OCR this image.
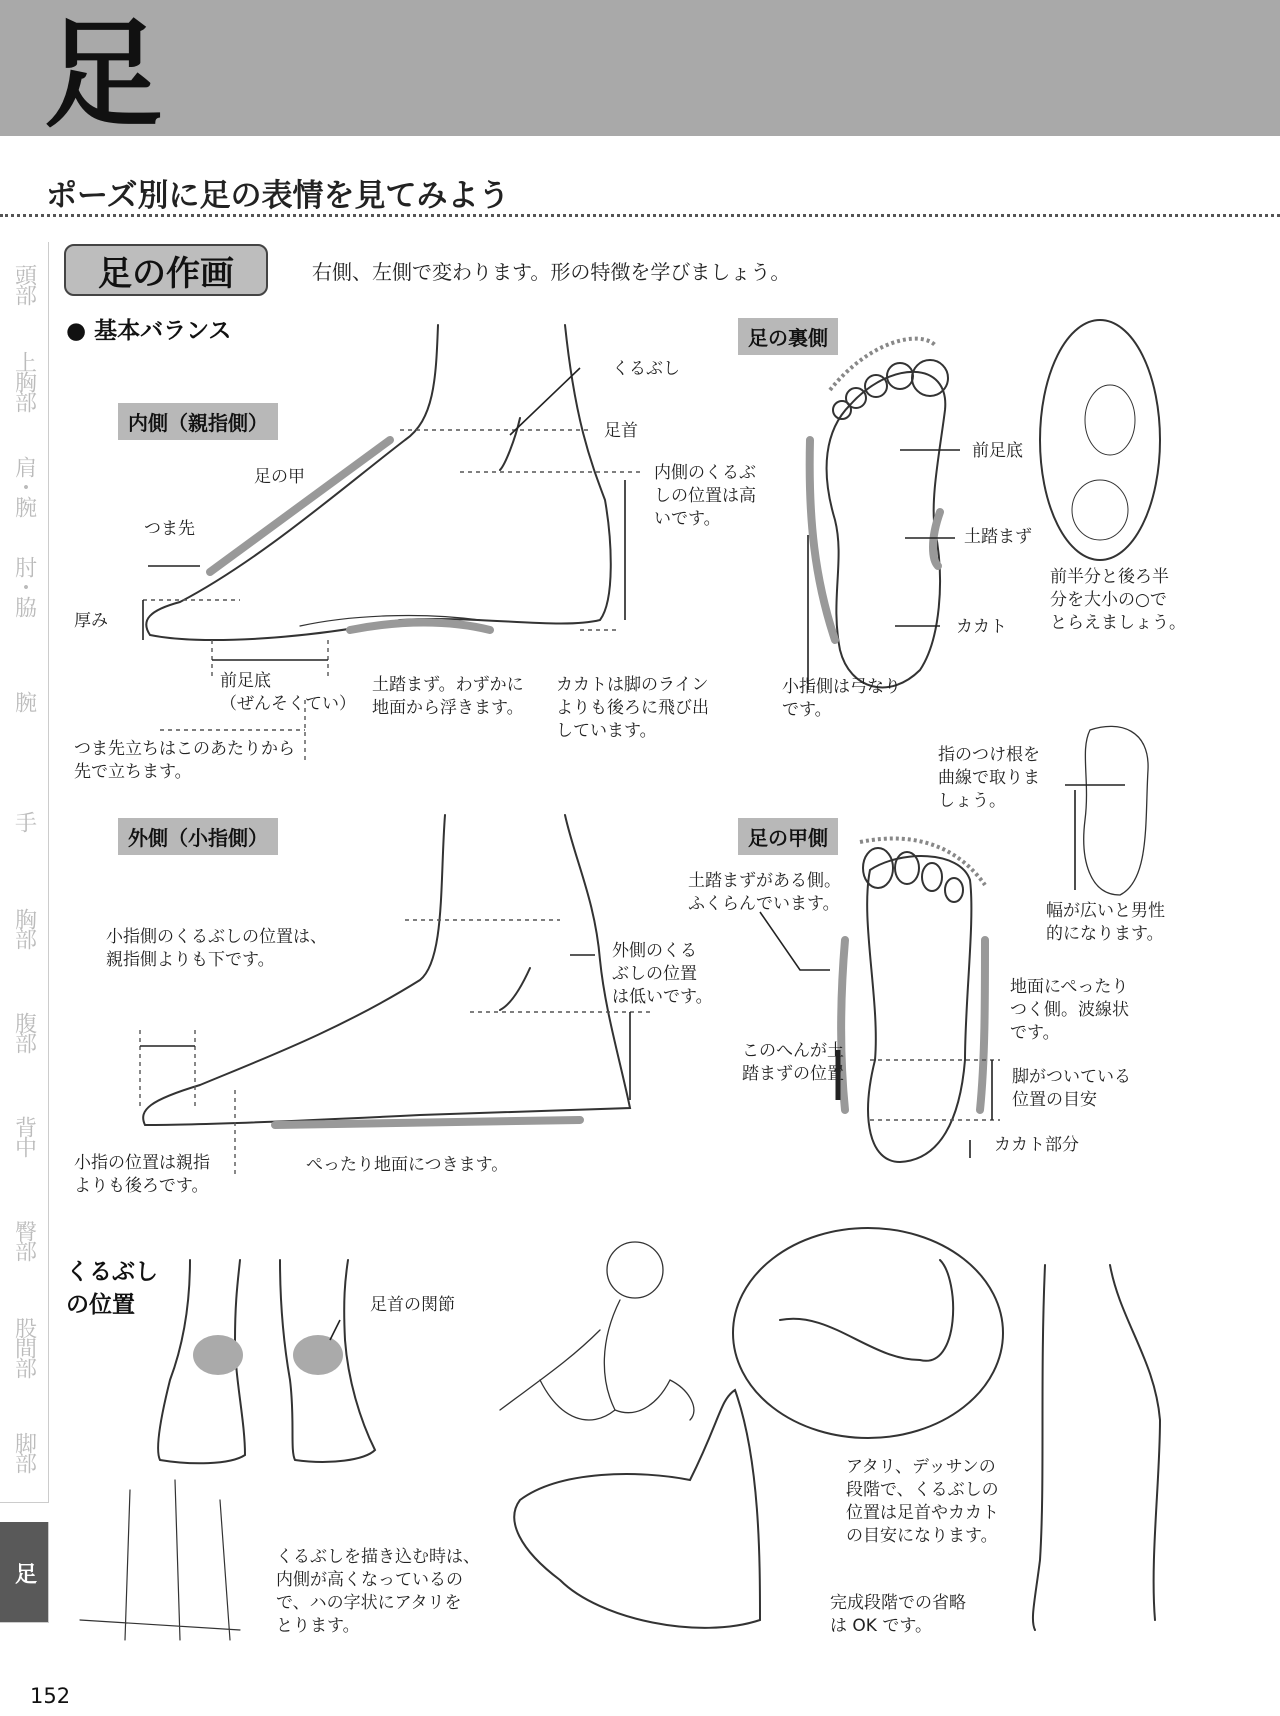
足
ポーズ別に足の表情を見てみよう
頭部
上胸部
肩・腕
肘・脇
腕
手
胸部
腹部
背中
臀部
股間部
脚部
足
足の作画	右側、左側で変わります。形の特徴を学びましょう。
● 基本バランス
内側（親指側）
くるぶし
足首
足の甲
つま先
厚み
内側のくるぶ
しの位置は高
いです。
前足底
（ぜんそくてい）
土踏まず。わずかに
地面から浮きます。
カカトは脚のライン
よりも後ろに飛び出
しています。
つま先立ちはこのあたりから
先で立ちます。
足の裏側
前足底
土踏まず
カカト
小指側は弓なり
です。
前半分と後ろ半
分を大小の○で
とらえましょう。
指のつけ根を
曲線で取りま
しょう。
幅が広いと男性
的になります。
外側（小指側）
小指側のくるぶしの位置は、
親指側よりも下です。	外側のくる
ぶしの位置
は低いです。
小指の位置は親指
よりも後ろです。
ぺったり地面につきます。
足の甲側
土踏まずがある側。
ふくらんでいます。
地面にぺったり
つく側。波線状
です。
このへんが土
踏まずの位置	脚がついている
位置の目安
カカト部分
くるぶし
の位置	足首の関節
くるぶしを描き込む時は、
内側が高くなっているの
で、ハの字状にアタリを
とります。
アタリ、デッサンの
段階で、くるぶしの
位置は足首やカカト
の目安になります。
完成段階での省略
は OK です。
152
